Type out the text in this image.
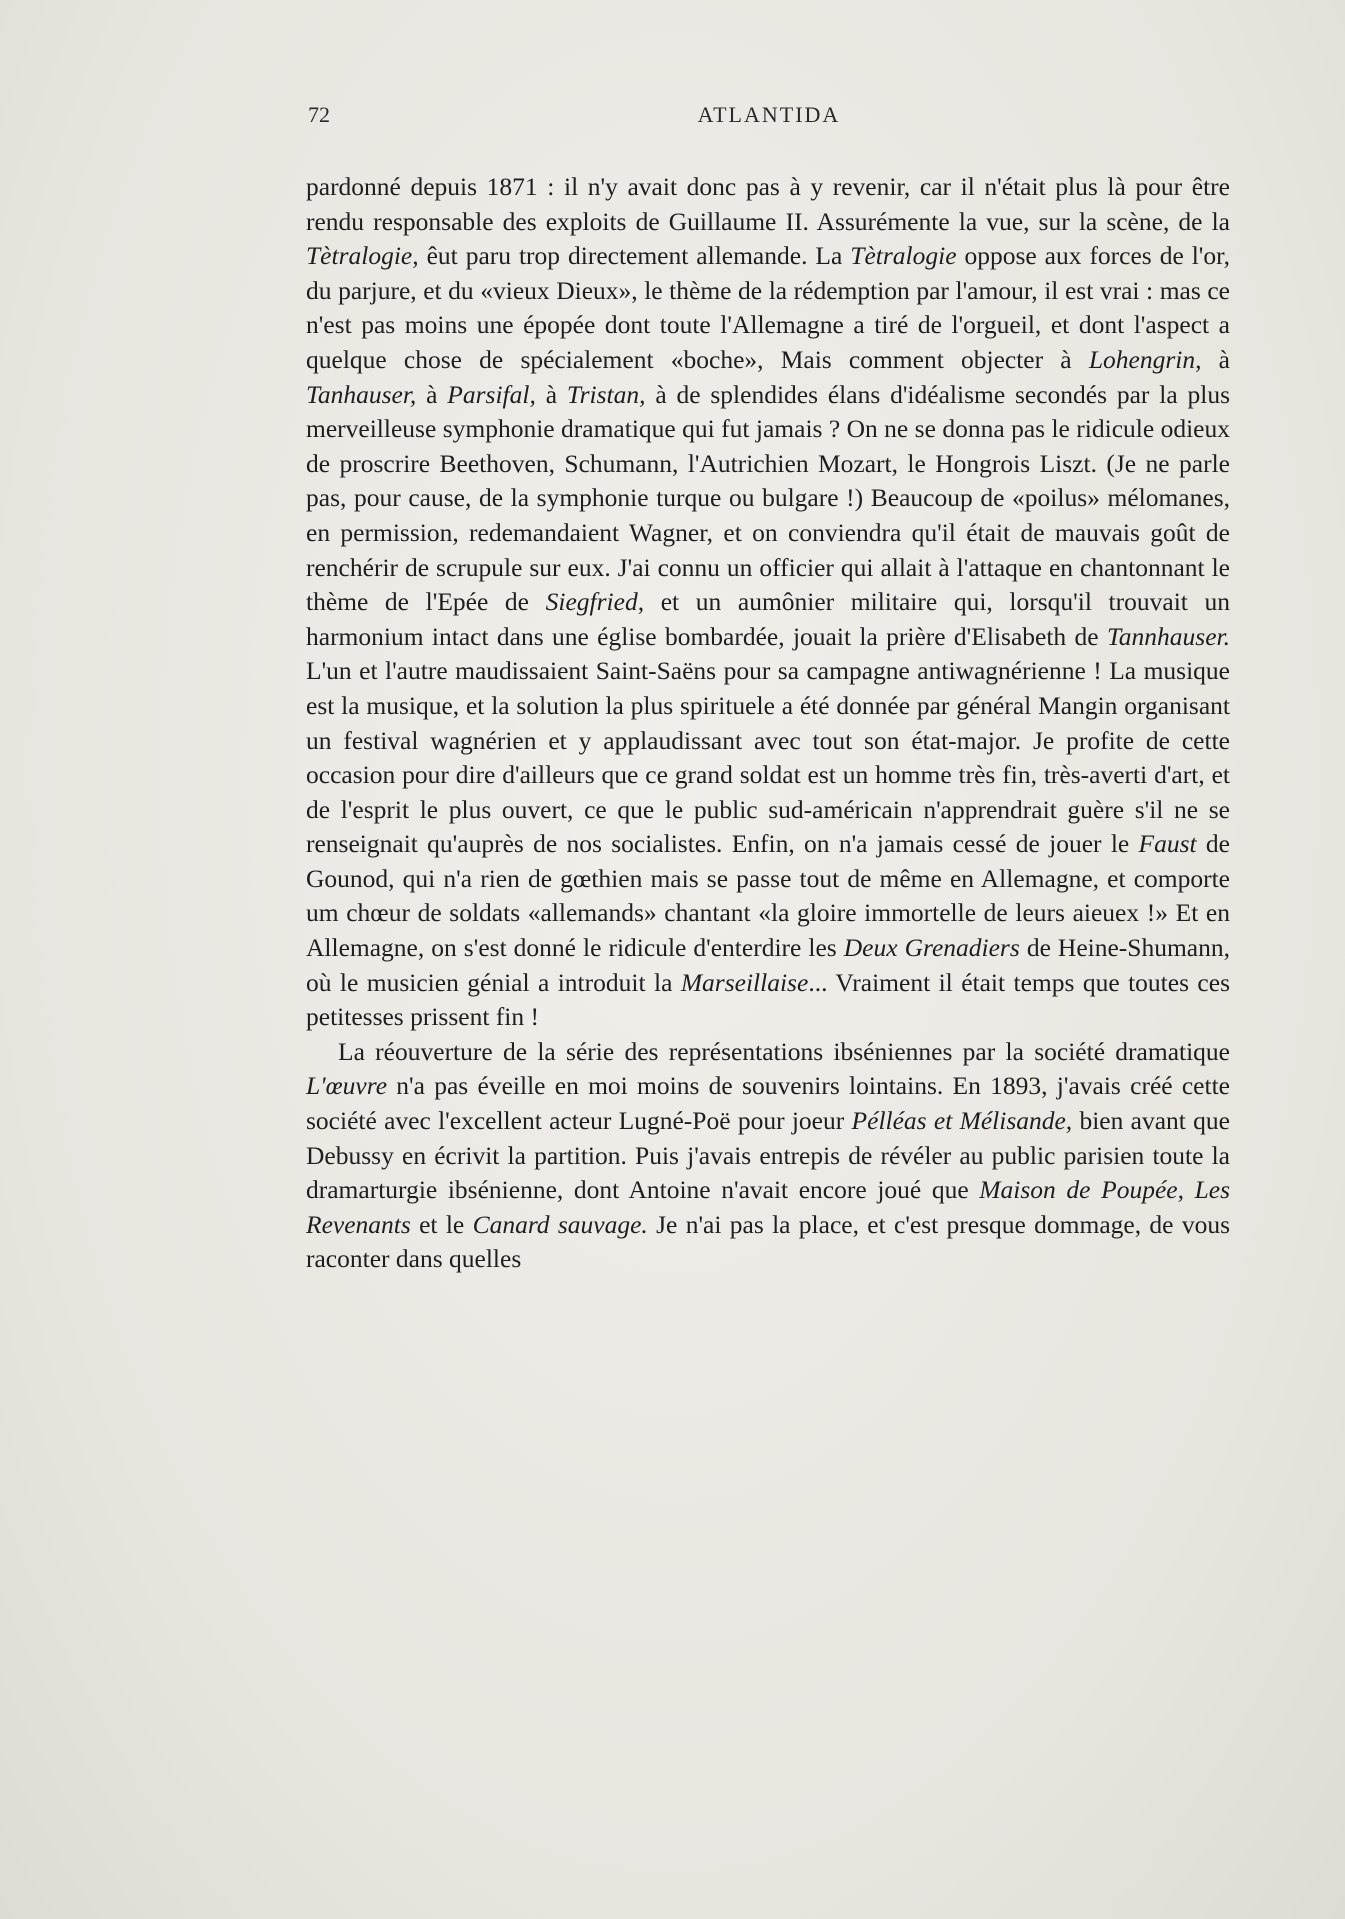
72	ATLANTIDA

pardonné depuis 1871 : il n'y avait donc pas à y revenir, car il n'était plus là pour être rendu responsable des exploits de Guillaume II. Assurémente la vue, sur la scène, de la Tètralogie, êut paru trop directement allemande. La Tètralogie oppose aux forces de l'or, du parjure, et du «vieux Dieux», le thème de la rédemption par l'amour, il est vrai : mas ce n'est pas moins une épopée dont toute l'Allemagne a tiré de l'orgueil, et dont l'aspect a quelque chose de spécialement «boche», Mais comment objecter à Lohengrin, à Tanhauser, à Parsifal, à Tristan, à de splendides élans d'idéalisme secondés par la plus merveilleuse symphonie dramatique qui fut jamais ? On ne se donna pas le ridicule odieux de proscrire Beethoven, Schumann, l'Autrichien Mozart, le Hongrois Liszt. (Je ne parle pas, pour cause, de la symphonie turque ou bulgare !) Beaucoup de «poilus» mélomanes, en permission, redemandaient Wagner, et on conviendra qu'il était de mauvais goût de renchérir de scrupule sur eux. J'ai connu un officier qui allait à l'attaque en chantonnant le thème de l'Epée de Siegfried, et un aumônier militaire qui, lorsqu'il trouvait un harmonium intact dans une église bombardée, jouait la prière d'Elisabeth de Tannhauser. L'un et l'autre maudissaient Saint-Saëns pour sa campagne antiwagnérienne ! La musique est la musique, et la solution la plus spirituele a été donnée par général Mangin organisant un festival wagnérien et y applaudissant avec tout son état-major. Je profite de cette occasion pour dire d'ailleurs que ce grand soldat est un homme très fin, très-averti d'art, et de l'esprit le plus ouvert, ce que le public sud-américain n'apprendrait guère s'il ne se renseignait qu'auprès de nos socialistes. Enfin, on n'a jamais cessé de jouer le Faust de Gounod, qui n'a rien de gœthien mais se passe tout de même en Allemagne, et comporte um chœur de soldats «allemands» chantant «la gloire immortelle de leurs aieuex !» Et en Allemagne, on s'est donné le ridicule d'enterdire les Deux Grenadiers de Heine-Shumann, où le musicien génial a introduit la Marseillaise... Vraiment il était temps que toutes ces petitesses prissent fin !

La réouverture de la série des représentations ibséniennes par la société dramatique L'œuvre n'a pas éveille en moi moins de souvenirs lointains. En 1893, j'avais créé cette société avec l'excellent acteur Lugné-Poë pour joeur Pélléas et Mélisande, bien avant que Debussy en écrivit la partition. Puis j'avais entrepis de révéler au public parisien toute la dramarturgie ibsénienne, dont Antoine n'avait encore joué que Maison de Poupée, Les Revenants et le Canard sauvage. Je n'ai pas la place, et c'est presque dommage, de vous raconter dans quelles
